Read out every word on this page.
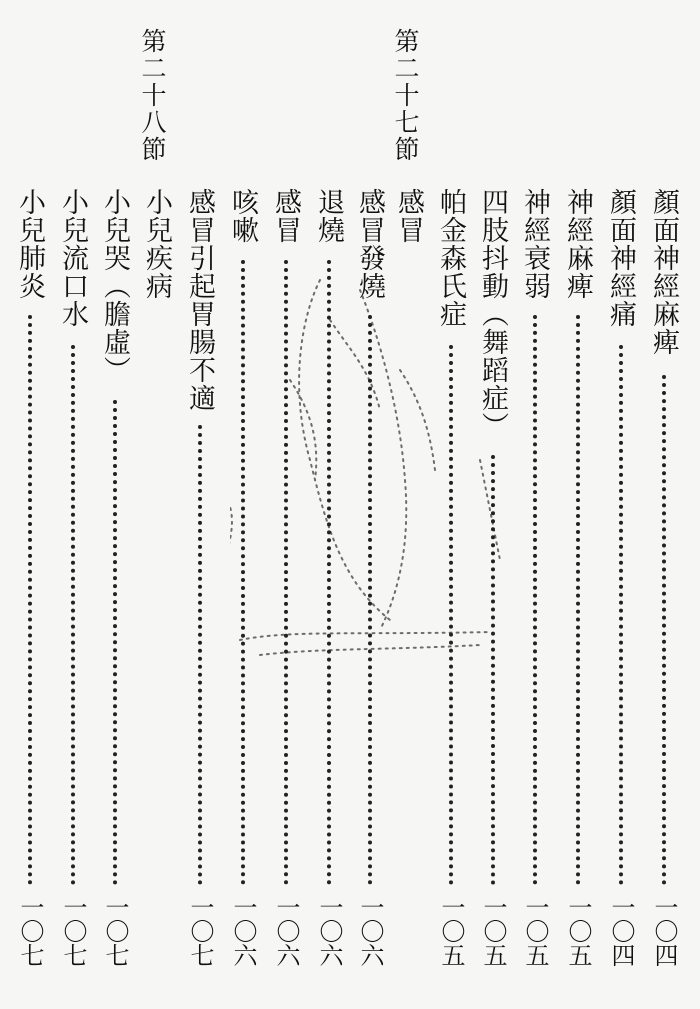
第二十七節
第二十八節
顏面神經麻痺
一〇四
顏面神經痛
一〇四
神經麻痺
一〇五
神經衰弱
一〇五
四肢抖動（舞蹈症）
一〇五
帕金森氏症
一〇五
感冒
感冒發燒
一〇六
退燒
一〇六
感冒
一〇六
咳嗽
一〇六
感冒引起胃腸不適
一〇七
小兒疾病
小兒哭（膽虛）
一〇七
小兒流口水
一〇七
小兒肺炎
一〇七
